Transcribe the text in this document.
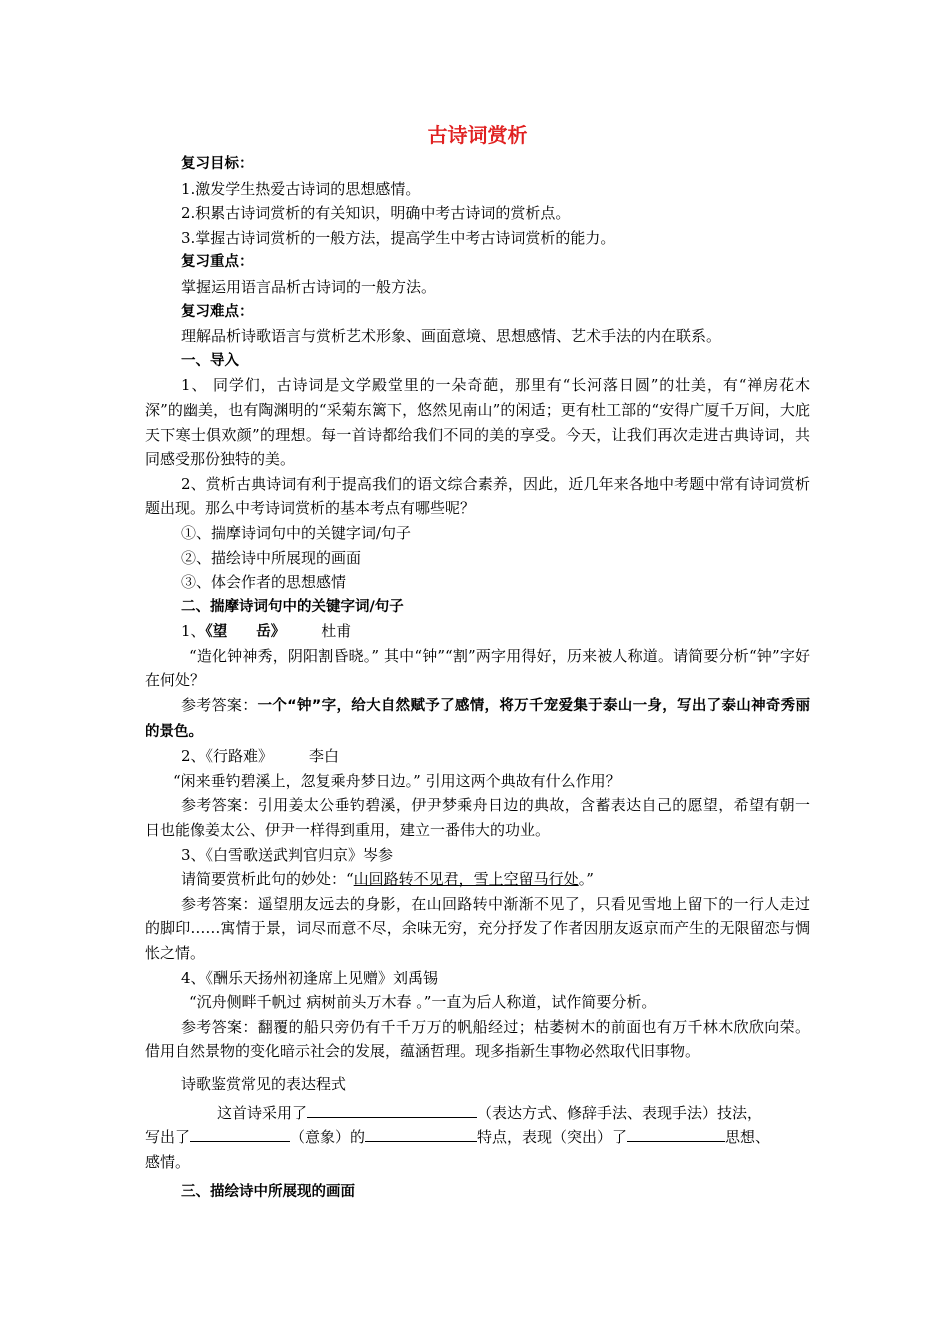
古诗词赏析
复习目标：
1.激发学生热爱古诗词的思想感情。
2.积累古诗词赏析的有关知识，明确中考古诗词的赏析点。
3.掌握古诗词赏析的一般方法，提高学生中考古诗词赏析的能力。
复习重点：
掌握运用语言品析古诗词的一般方法。
复习难点：
理解品析诗歌语言与赏析艺术形象、画面意境、思想感情、艺术手法的内在联系。
一、导入
1、 同学们，古诗词是文学殿堂里的一朵奇葩，那里有“长河落日圆”的壮美，有“禅房花木深”的幽美，也有陶渊明的“采菊东篱下，悠然见南山”的闲适；更有杜工部的“安得广厦千万间，大庇天下寒士俱欢颜”的理想。每一首诗都给我们不同的美的享受。今天，让我们再次走进古典诗词，共同感受那份独特的美。
2、赏析古典诗词有利于提高我们的语文综合素养，因此，近几年来各地中考题中常有诗词赏析题出现。那么中考诗词赏析的基本考点有哪些呢？
①、揣摩诗词句中的关键字词/句子
②、描绘诗中所展现的画面
③、体会作者的思想感情
二、揣摩诗词句中的关键字词/句子
1、《望　　岳》 杜甫
“造化钟神秀，阴阳割昏晓。” 其中“钟”“割”两字用得好，历来被人称道。请简要分析“钟”字好在何处？
参考答案：一个“钟”字，给大自然赋予了感情，将万千宠爱集于泰山一身，写出了泰山神奇秀丽的景色。
2、《行路难》 李白
“闲来垂钓碧溪上，忽复乘舟梦日边。” 引用这两个典故有什么作用？
参考答案：引用姜太公垂钓碧溪，伊尹梦乘舟日边的典故，含蓄表达自己的愿望，希望有朝一日也能像姜太公、伊尹一样得到重用，建立一番伟大的功业。
3、《白雪歌送武判官归京》岑参
请简要赏析此句的妙处：“山回路转不见君，雪上空留马行处。”
参考答案：遥望朋友远去的身影，在山回路转中渐渐不见了，只看见雪地上留下的一行人走过的脚印……寓情于景，词尽而意不尽，余味无穷，充分抒发了作者因朋友返京而产生的无限留恋与惆怅之情。
4、《酬乐天扬州初逢席上见赠》刘禹锡
“沉舟侧畔千帆过 病树前头万木春 。”一直为后人称道，试作简要分析。
参考答案：翻覆的船只旁仍有千千万万的帆船经过；枯萎树木的前面也有万千林木欣欣向荣。借用自然景物的变化暗示社会的发展，蕴涵哲理。现多指新生事物必然取代旧事物。
诗歌鉴赏常见的表达程式
这首诗采用了	（表达方式、修辞手法、表现手法）技法，
写出了	（意象）的	特点，表现（突出）了	思想、
感情。
三、描绘诗中所展现的画面
